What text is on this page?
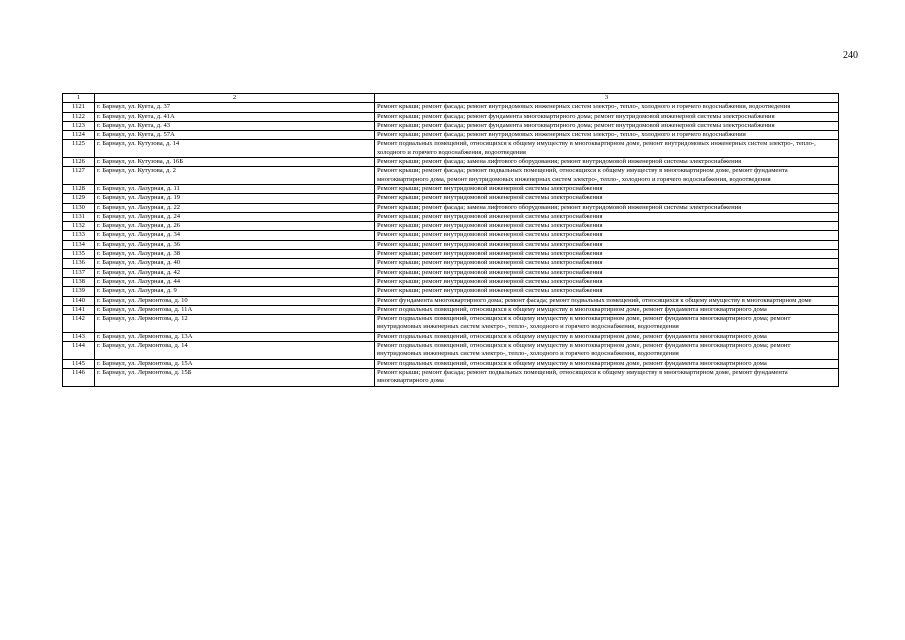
240
1	2	3
1121	г. Барнаул, ул. Куета, д. 37	Ремонт крыши; ремонт фасада; ремонт внутридомовых инженерных систем электро-, тепло-, холодного и горячего водоснабжения, водоотведения
1122	г. Барнаул, ул. Куета, д. 41А	Ремонт крыши; ремонт фасада; ремонт фундамента многоквартирного дома; ремонт внутридомовой инженерной системы электроснабжения
1123	г. Барнаул, ул. Куета, д. 43	Ремонт крыши; ремонт фасада; ремонт фундамента многоквартирного дома; ремонт внутридомовой инженерной системы электроснабжения
1124	г. Барнаул, ул. Куета, д. 57А	Ремонт крыши; ремонт фасада; ремонт внутридомовых инженерных систем электро-, тепло-, холодного и горячего водоснабжения
1125	г. Барнаул, ул. Кутузова, д. 14	Ремонт подвальных помещений, относящихся к общему имуществу в многоквартирном доме, ремонт внутридомовых инженерных систем электро-, тепло-, холодного и горячего водоснабжения, водоотведения
1126	г. Барнаул, ул. Кутузова, д. 16Б	Ремонт крыши; ремонт фасада; замена лифтового оборудования; ремонт внутридомовой инженерной системы электроснабжения
1127	г. Барнаул, ул. Кутузова, д. 2	Ремонт крыши; ремонт фасада; ремонт подвальных помещений, относящихся к общему имуществу в многоквартирном доме, ремонт фундамента многоквартирного дома, ремонт внутридомовых инженерных систем электро-, тепло-, холодного и горячего водоснабжения, водоотведения
1128	г. Барнаул, ул. Лазурная, д. 11	Ремонт крыши; ремонт внутридомовой инженерной системы электроснабжения
1129	г. Барнаул, ул. Лазурная, д. 19	Ремонт крыши; ремонт внутридомовой инженерной системы электроснабжения
1130	г. Барнаул, ул. Лазурная, д. 22	Ремонт крыши; ремонт фасада; замена лифтового оборудования; ремонт внутридомовой инженерной системы электроснабжения
1131	г. Барнаул, ул. Лазурная, д. 24	Ремонт крыши; ремонт внутридомовой инженерной системы электроснабжения
1132	г. Барнаул, ул. Лазурная, д. 26	Ремонт крыши; ремонт внутридомовой инженерной системы электроснабжения
1133	г. Барнаул, ул. Лазурная, д. 34	Ремонт крыши; ремонт внутридомовой инженерной системы электроснабжения
1134	г. Барнаул, ул. Лазурная, д. 36	Ремонт крыши; ремонт внутридомовой инженерной системы электроснабжения
1135	г. Барнаул, ул. Лазурная, д. 38	Ремонт крыши; ремонт внутридомовой инженерной системы электроснабжения
1136	г. Барнаул, ул. Лазурная, д. 40	Ремонт крыши; ремонт внутридомовой инженерной системы электроснабжения
1137	г. Барнаул, ул. Лазурная, д. 42	Ремонт крыши; ремонт внутридомовой инженерной системы электроснабжения
1138	г. Барнаул, ул. Лазурная, д. 44	Ремонт крыши; ремонт внутридомовой инженерной системы электроснабжения
1139	г. Барнаул, ул. Лазурная, д. 9	Ремонт крыши; ремонт внутридомовой инженерной системы электроснабжения
1140	г. Барнаул, ул. Лермонтова, д. 10	Ремонт фундамента многоквартирного дома; ремонт фасада; ремонт подвальных помещений, относящихся к общему имуществу в многоквартирном доме
1141	г. Барнаул, ул. Лермонтова, д. 11А	Ремонт подвальных помещений, относящихся к общему имуществу в многоквартирном доме, ремонт фундамента многоквартирного дома
1142	г. Барнаул, ул. Лермонтова, д. 12	Ремонт подвальных помещений, относящихся к общему имуществу в многоквартирном доме, ремонт фундамента многоквартирного дома; ремонт внутридомовых инженерных систем электро-, тепло-, холодного и горячего водоснабжения, водоотведения
1143	г. Барнаул, ул. Лермонтова, д. 13А	Ремонт подвальных помещений, относящихся к общему имуществу в многоквартирном доме, ремонт фундамента многоквартирного дома
1144	г. Барнаул, ул. Лермонтова, д. 14	Ремонт подвальных помещений, относящихся к общему имуществу в многоквартирном доме, ремонт фундамента многоквартирного дома; ремонт внутридомовых инженерных систем электро-, тепло-, холодного и горячего водоснабжения, водоотведения
1145	г. Барнаул, ул. Лермонтова, д. 15А	Ремонт подвальных помещений, относящихся к общему имуществу в многоквартирном доме, ремонт фундамента многоквартирного дома
1146	г. Барнаул, ул. Лермонтова, д. 15Б	Ремонт крыши; ремонт фасада; ремонт подвальных помещений, относящихся к общему имуществу в многоквартирном доме, ремонт фундамента многоквартирного дома
